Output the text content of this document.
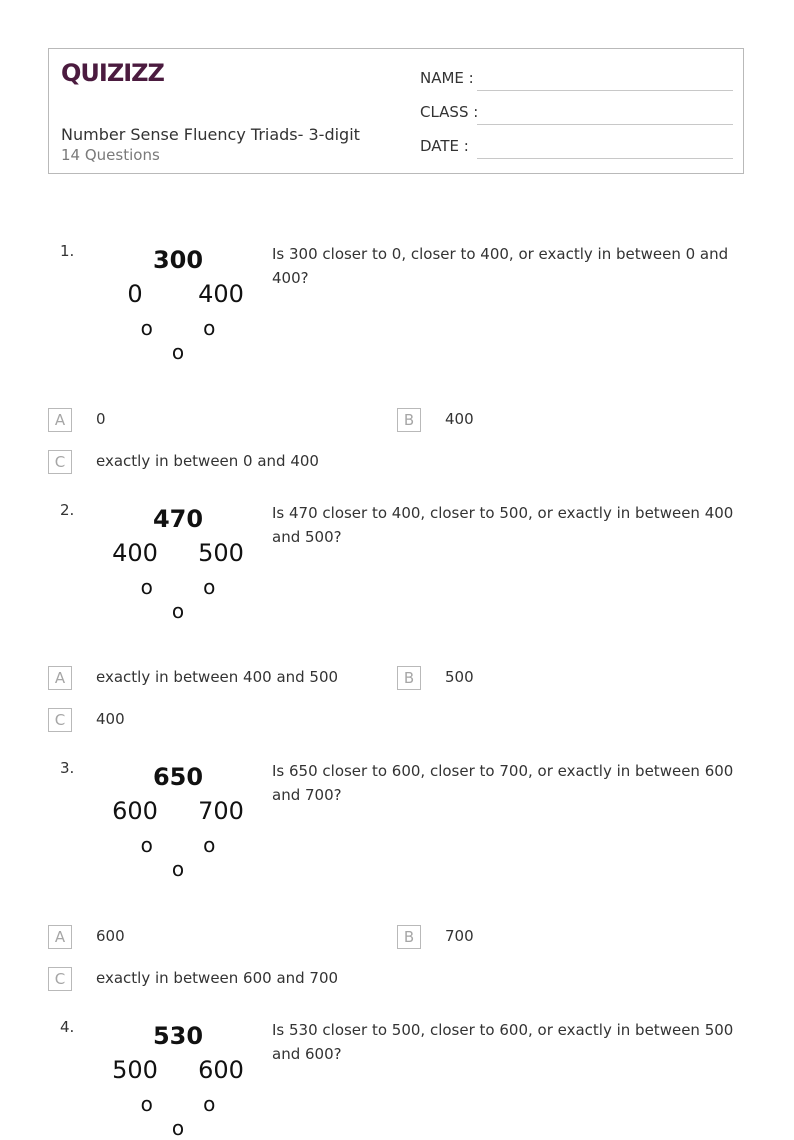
QUIZIZZ
Number Sense Fluency Triads- 3-digit
14 Questions
NAME :
CLASS :
DATE :
1.	300
0	400
o o o
Is 300 closer to 0, closer to 400, or exactly in between 0 and 400?
A	0	B	400
C	exactly in between 0 and 400
2.	470
400	500
o o o
Is 470 closer to 400, closer to 500, or exactly in between 400 and 500?
A	exactly in between 400 and 500	B	500
C	400
3.	650
600	700
o o o
Is 650 closer to 600, closer to 700, or exactly in between 600 and 700?
A	600	B	700
C	exactly in between 600 and 700
4.	530
500	600
o o o
Is 530 closer to 500, closer to 600, or exactly in between 500 and 600?
